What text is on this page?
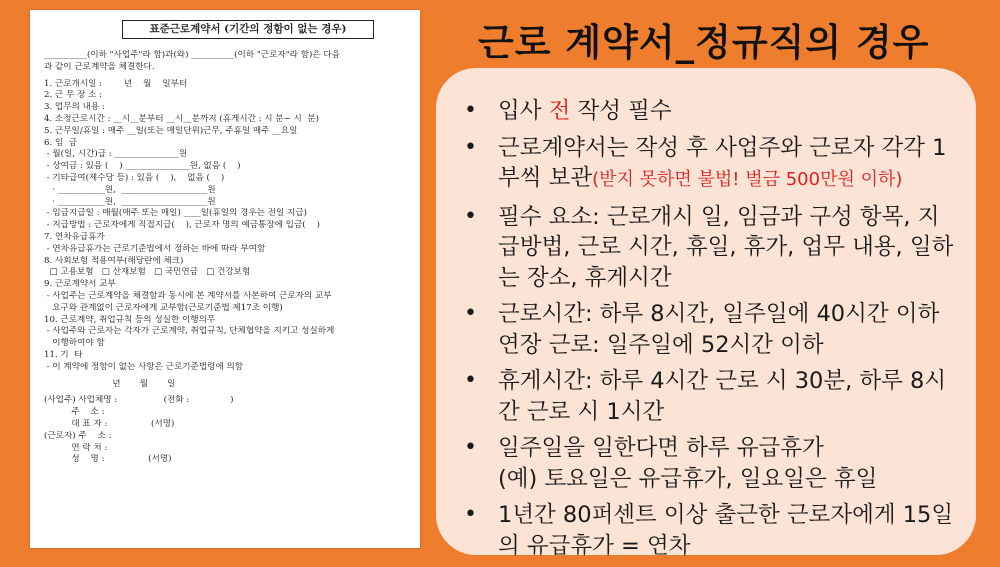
표준근로계약서 (기간의 정함이 없는 경우)
__________(이하 "사업주"라 함)과(와) __________(이하 "근로자"라 함)은 다음
과 같이 근로계약을 체결한다.
1. 근로개시일 :        년    월    일부터
2. 근 무 장 소 :
3. 업무의 내용 :
4. 소정근로시간 : __시__분부터 __시__분까지 (휴게시간 : 시 분~ 시  분)
5. 근무일/휴일 : 매주 __일(또는 매일단위)근무, 주휴일 매주 __요일
6. 임  금
- 월(일, 시간)급 : _______________원
- 상여금 : 있음 (    ) _______________원, 없음 (    )
- 기타급여(제수당 등) : 있음 (    ),    없음 (    )
· ___________원,  ____________________원
· ___________원,  ____________________원
- 임금지급일 : 매월(매주 또는 매일) ____일(휴일의 경우는 전일 지급)
- 지급방법 : 근로자에게 직접지급(    ), 근로자 명의 예금통장에 입금(    )
7. 연차유급휴가
- 연차유급휴가는 근로기준법에서 정하는 바에 따라 부여함
8. 사회보험 적용여부(해당란에 체크)
□ 고용보험   □ 산재보험   □ 국민연금   □ 건강보험
9. 근로계약서 교부
- 사업주는 근로계약을 체결함과 동시에 본 계약서를 사본하여 근로자의 교부
요구와 관계없이 근로자에게 교부함(근로기준법 제17조 이행)
10. 근로계약, 취업규칙 등의 성실한 이행의무
- 사업주와 근로자는 각자가 근로계약, 취업규칙, 단체협약을 지키고 성실하게
이행하여야 함
11. 기  타
- 이 계약에 정함이 없는 사항은 근로기준법령에 의함
년       월       일
(사업주) 사업체명 :                 (전화 :               )
주    소 :
대 표 자 :                (서명)
(근로자) 주    소 :
연 락 처 :
성    명 :                (서명)
근로 계약서_정규직의 경우
• 입사 전 작성 필수
• 근로계약서는 작성 후 사업주와 근로자 각각 1부씩 보관(받지 못하면 불법! 벌금 500만원 이하)
• 필수 요소: 근로개시 일, 임금과 구성 항목, 지급방법, 근로 시간, 휴일, 휴가, 업무 내용, 일하는 장소, 휴게시간
• 근로시간: 하루 8시간, 일주일에 40시간 이하
연장 근로: 일주일에 52시간 이하
• 휴게시간: 하루 4시간 근로 시 30분, 하루 8시간 근로 시 1시간
• 일주일을 일한다면 하루 유급휴가
(예) 토요일은 유급휴가, 일요일은 휴일
• 1년간 80퍼센트 이상 출근한 근로자에게 15일의 유급휴가 = 연차
